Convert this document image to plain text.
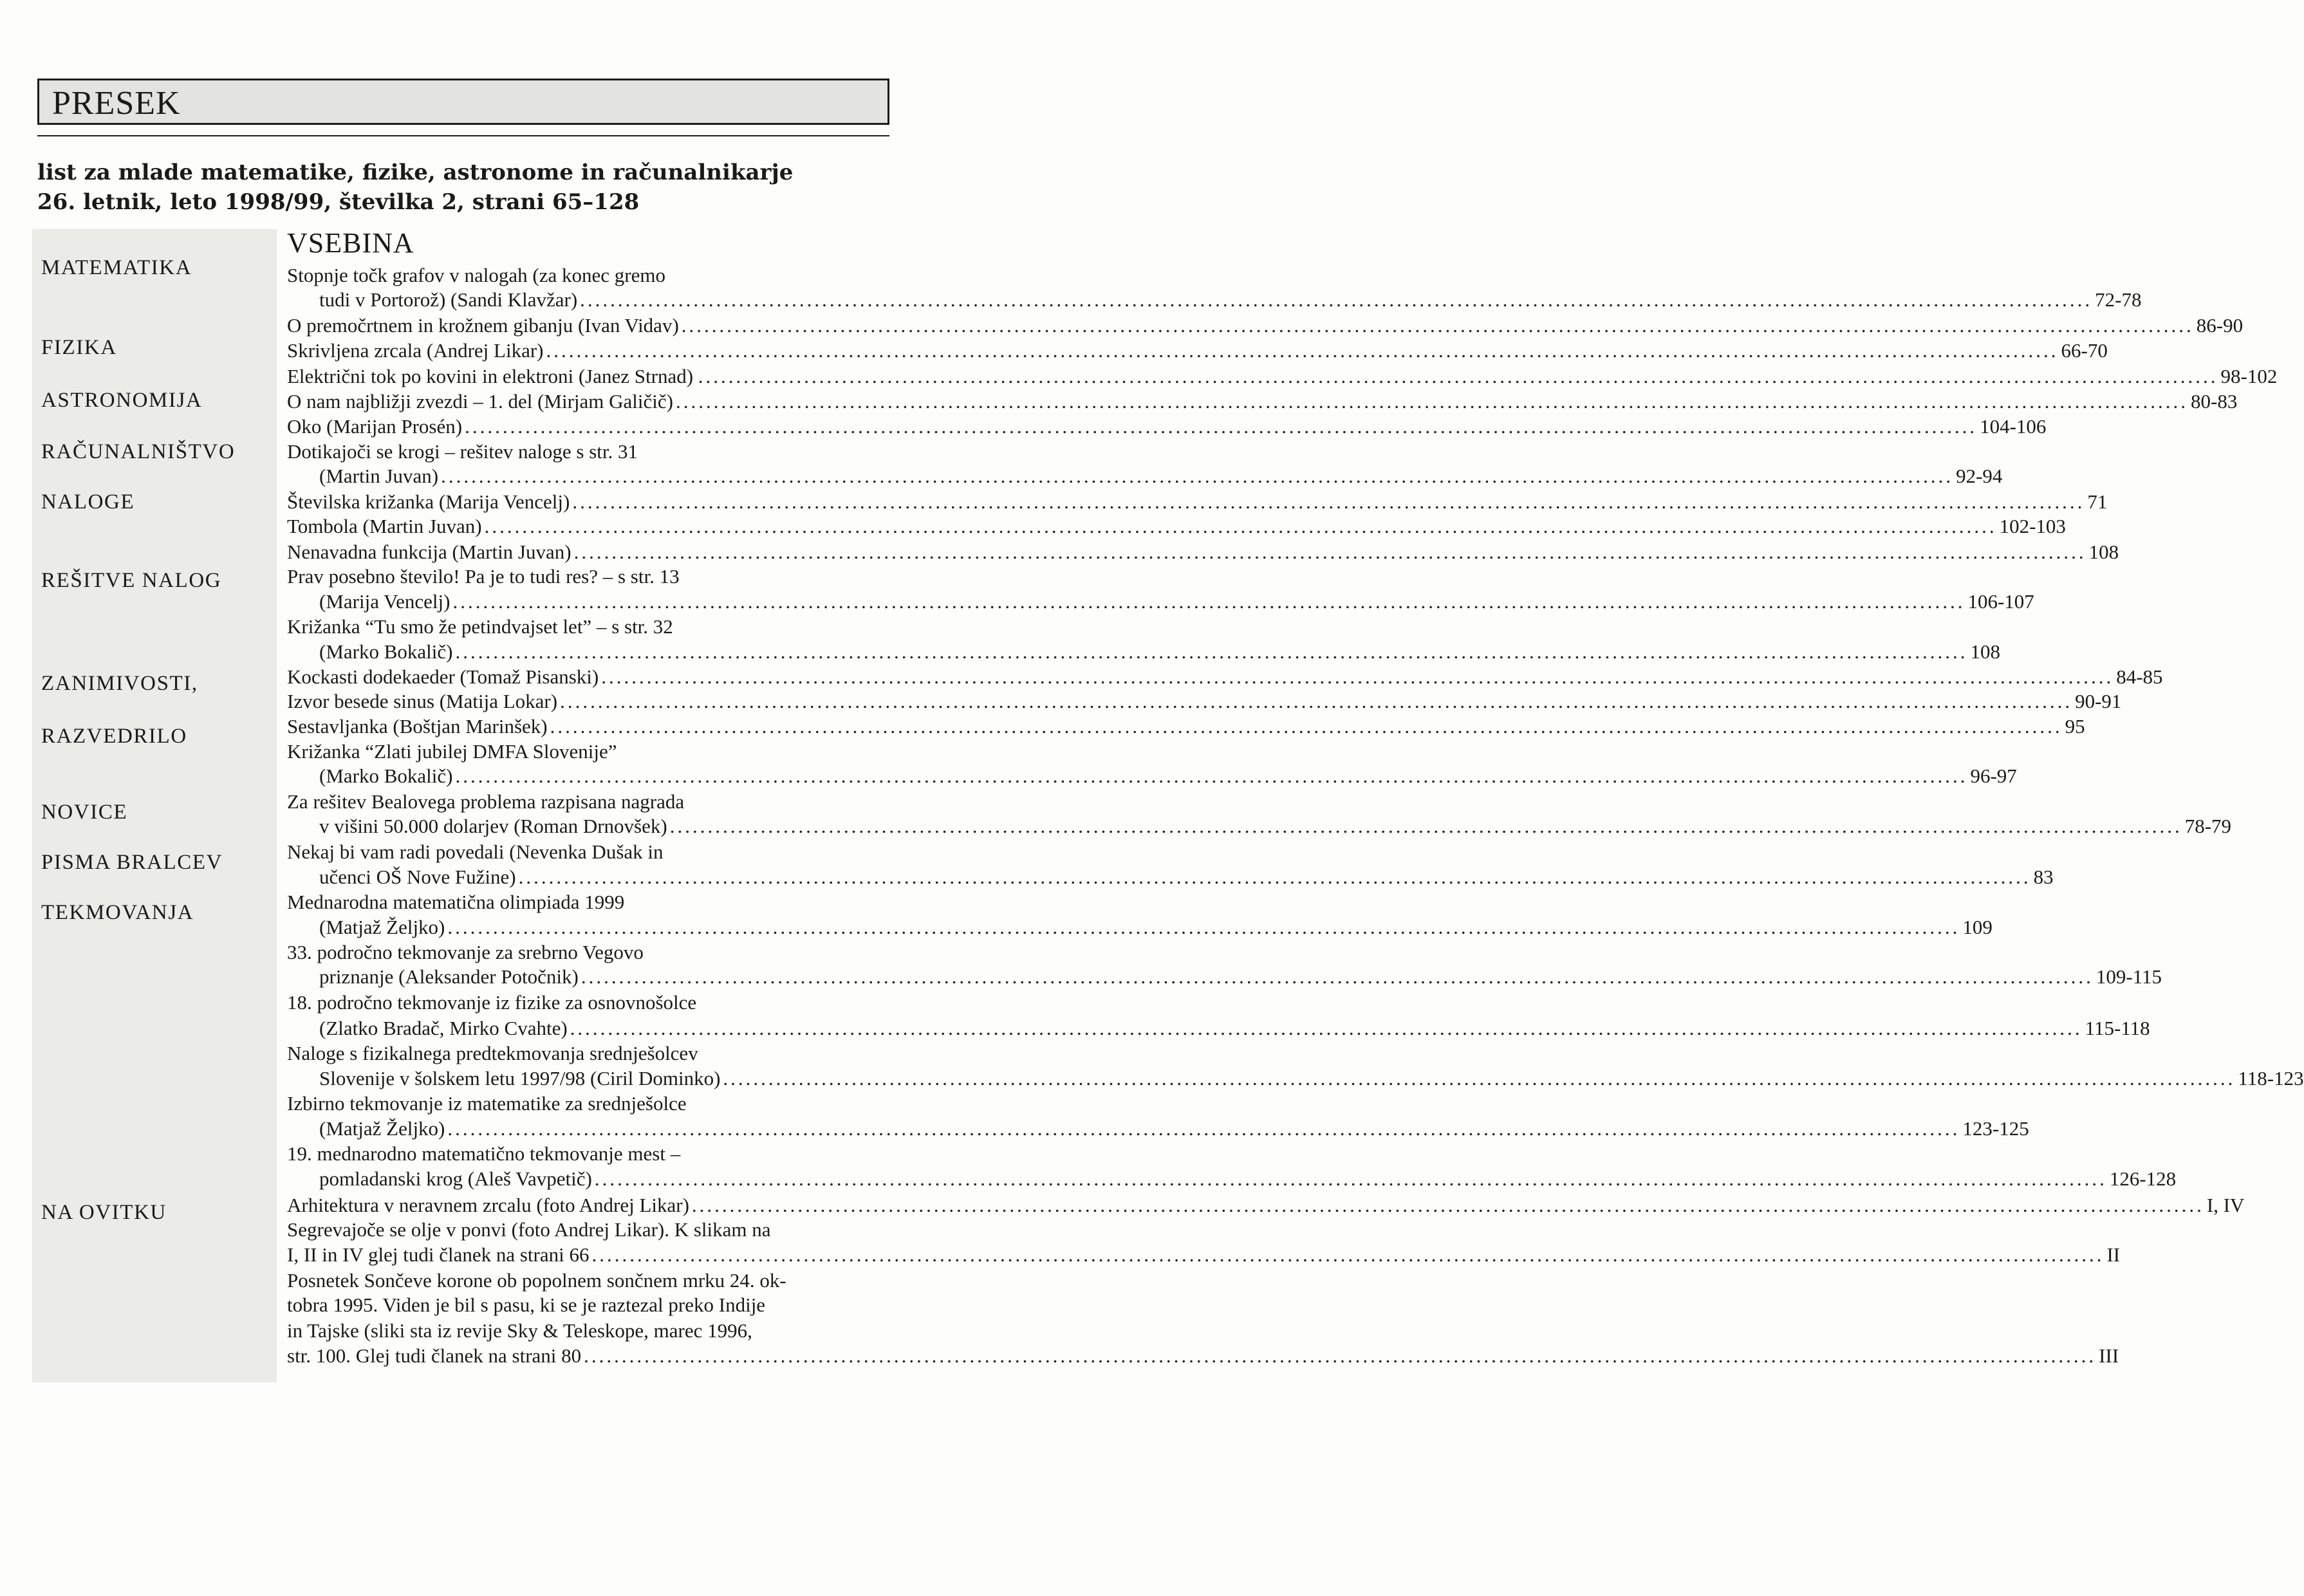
PRESEK
list za mlade matematike, fizike, astronome in računalnikarje
26. letnik, leto 1998/99, številka 2, strani 65–128
VSEBINA
MATEMATIKA
FIZIKA
ASTRONOMIJA
RAČUNALNIŠTVO
NALOGE
REŠITVE NALOG
ZANIMIVOSTI,
RAZVEDRILO
NOVICE
PISMA BRALCEV
TEKMOVANJA
NA OVITKU
Stopnje točk grafov v nalogah (za konec gremo
tudi v Portorož) (Sandi Klavžar) ........................................................................................................................................................................................................ 72-78
O premočrtnem in krožnem gibanju (Ivan Vidav) ........................................................................................................................................................................................................ 86-90
Skrivljena zrcala (Andrej Likar) ........................................................................................................................................................................................................ 66-70
Električni tok po kovini in elektroni (Janez Strnad) . ........................................................................................................................................................................................................ 98-102
O nam najbližji zvezdi – 1. del (Mirjam Galičič) ........................................................................................................................................................................................................ 80-83
Oko (Marijan Prosén) ........................................................................................................................................................................................................ 104-106
Dotikajoči se krogi – rešitev naloge s str. 31
(Martin Juvan) ........................................................................................................................................................................................................ 92-94
Številska križanka (Marija Vencelj) ........................................................................................................................................................................................................ 71
Tombola (Martin Juvan) ........................................................................................................................................................................................................ 102-103
Nenavadna funkcija (Martin Juvan) ........................................................................................................................................................................................................ 108
Prav posebno število! Pa je to tudi res? – s str. 13
(Marija Vencelj) ........................................................................................................................................................................................................ 106-107
Križanka “Tu smo že petindvajset let” – s str. 32
(Marko Bokalič) ........................................................................................................................................................................................................ 108
Kockasti dodekaeder (Tomaž Pisanski) ........................................................................................................................................................................................................ 84-85
Izvor besede sinus (Matija Lokar) ........................................................................................................................................................................................................ 90-91
Sestavljanka (Boštjan Marinšek) ........................................................................................................................................................................................................ 95
Križanka “Zlati jubilej DMFA Slovenije”
(Marko Bokalič) ........................................................................................................................................................................................................ 96-97
Za rešitev Bealovega problema razpisana nagrada
v višini 50.000 dolarjev (Roman Drnovšek) ........................................................................................................................................................................................................ 78-79
Nekaj bi vam radi povedali (Nevenka Dušak in
učenci OŠ Nove Fužine) ........................................................................................................................................................................................................ 83
Mednarodna matematična olimpiada 1999
(Matjaž Željko) ........................................................................................................................................................................................................ 109
33. področno tekmovanje za srebrno Vegovo
priznanje (Aleksander Potočnik) ........................................................................................................................................................................................................ 109-115
18. področno tekmovanje iz fizike za osnovnošolce
(Zlatko Bradač, Mirko Cvahte) ........................................................................................................................................................................................................ 115-118
Naloge s fizikalnega predtekmovanja srednješolcev
Slovenije v šolskem letu 1997/98 (Ciril Dominko) ........................................................................................................................................................................................................ 118-123
Izbirno tekmovanje iz matematike za srednješolce
(Matjaž Željko) ........................................................................................................................................................................................................ 123-125
19. mednarodno matematično tekmovanje mest –
pomladanski krog (Aleš Vavpetič) ........................................................................................................................................................................................................ 126-128
Arhitektura v neravnem zrcalu (foto Andrej Likar) ........................................................................................................................................................................................................ I, IV
Segrevajoče se olje v ponvi (foto Andrej Likar). K slikam na
I, II in IV glej tudi članek na strani 66 ........................................................................................................................................................................................................ II
Posnetek Sončeve korone ob popolnem sončnem mrku 24. ok-
tobra 1995. Viden je bil s pasu, ki se je raztezal preko Indije
in Tajske (sliki sta iz revije Sky & Teleskope, marec 1996,
str. 100. Glej tudi članek na strani 80 ........................................................................................................................................................................................................ III
